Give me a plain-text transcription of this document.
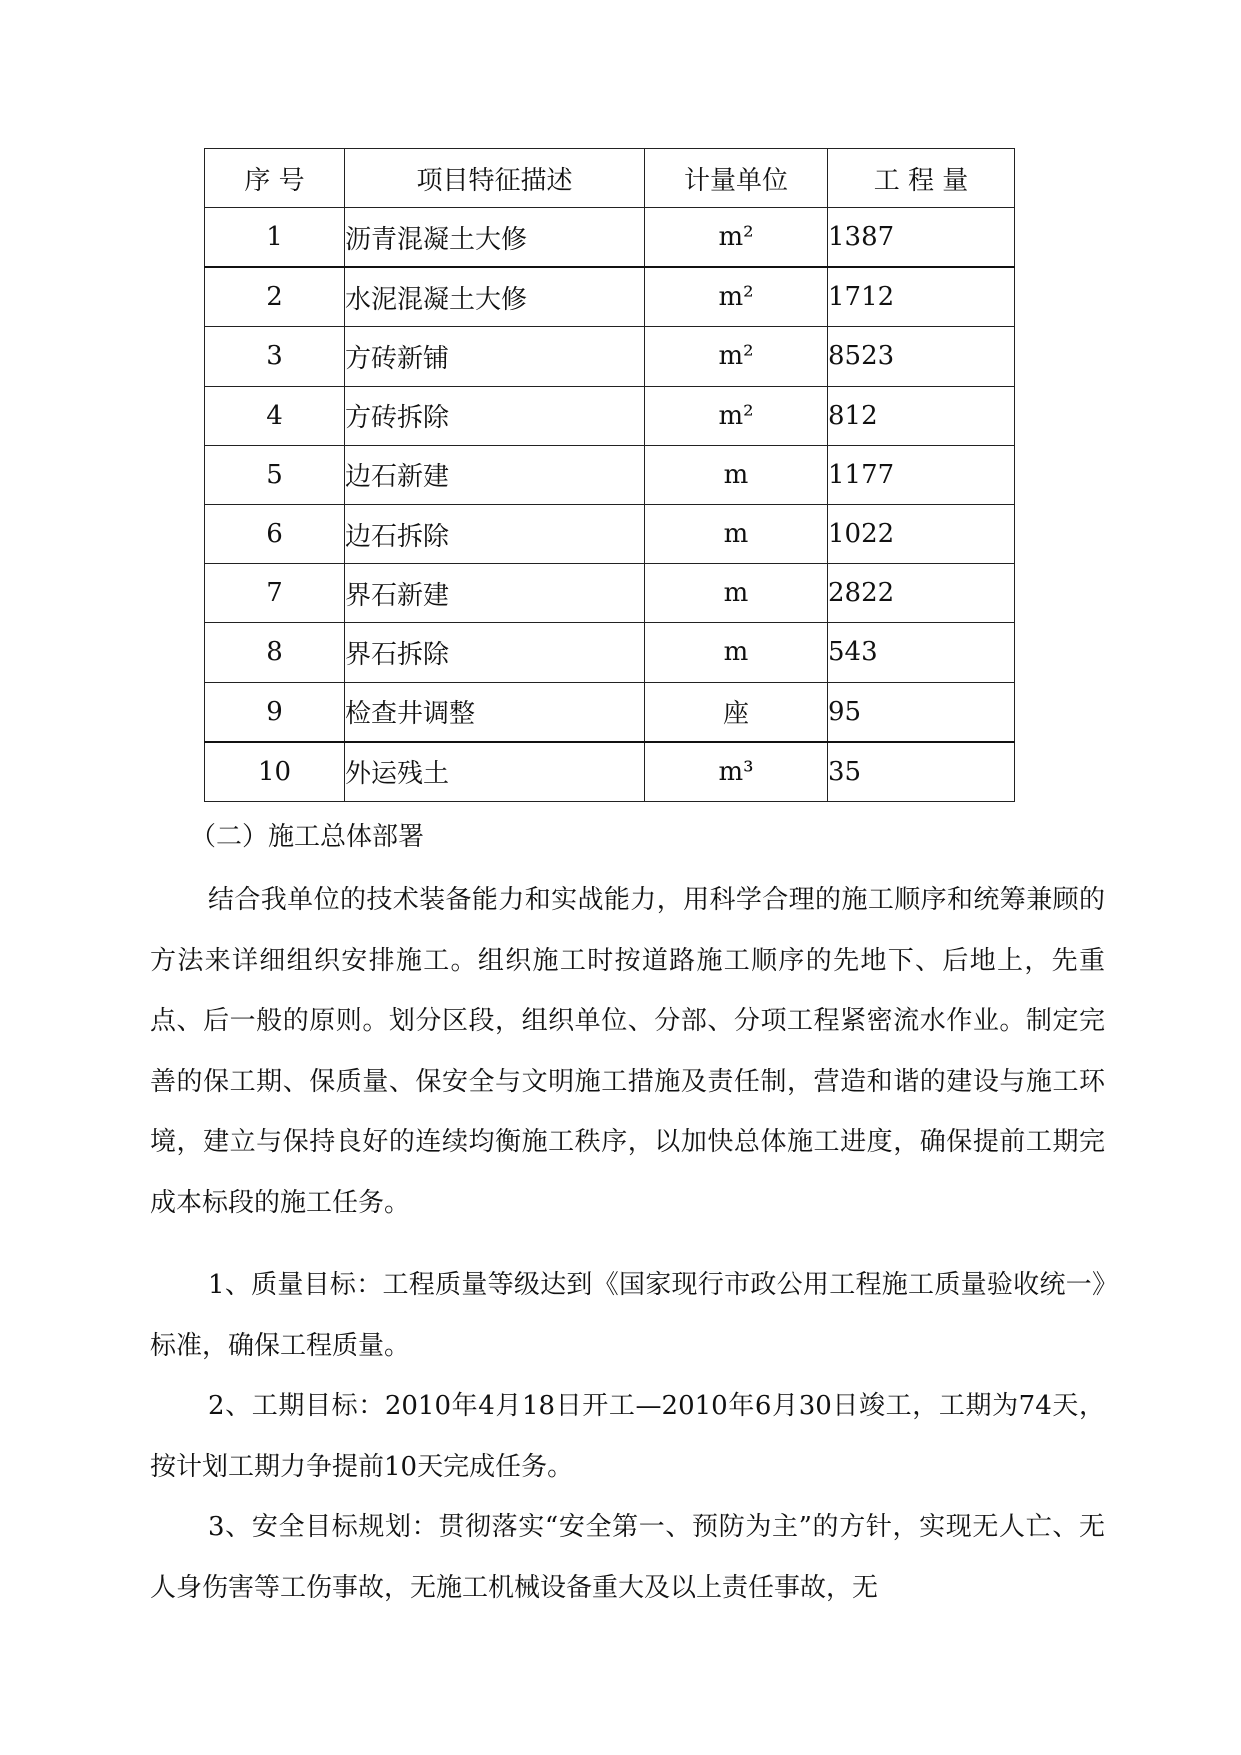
序 号	项目特征描述	计量单位	工 程 量
1	沥青混凝土大修	m²	1387
2	水泥混凝土大修	m²	1712
3	方砖新铺	m²	8523
4	方砖拆除	m²	812
5	边石新建	m	1177
6	边石拆除	m	1022
7	界石新建	m	2822
8	界石拆除	m	543
9	检查井调整	座	95
10	外运残土	m³	35

（二）施工总体部署

结合我单位的技术装备能力和实战能力，用科学合理的施工顺序和统筹兼顾的方法来详细组织安排施工。组织施工时按道路施工顺序的先地下、后地上，先重点、后一般的原则。划分区段，组织单位、分部、分项工程紧密流水作业。制定完善的保工期、保质量、保安全与文明施工措施及责任制，营造和谐的建设与施工环境，建立与保持良好的连续均衡施工秩序，以加快总体施工进度，确保提前工期完成本标段的施工任务。

1、质量目标：工程质量等级达到《国家现行市政公用工程施工质量验收统一》标准，确保工程质量。

2、工期目标：2010年4月18日开工—2010年6月30日竣工，工期为74天，按计划工期力争提前10天完成任务。

3、安全目标规划：贯彻落实“安全第一、预防为主”的方针，实现无人亡、无人身伤害等工伤事故，无施工机械设备重大及以上责任事故，无
